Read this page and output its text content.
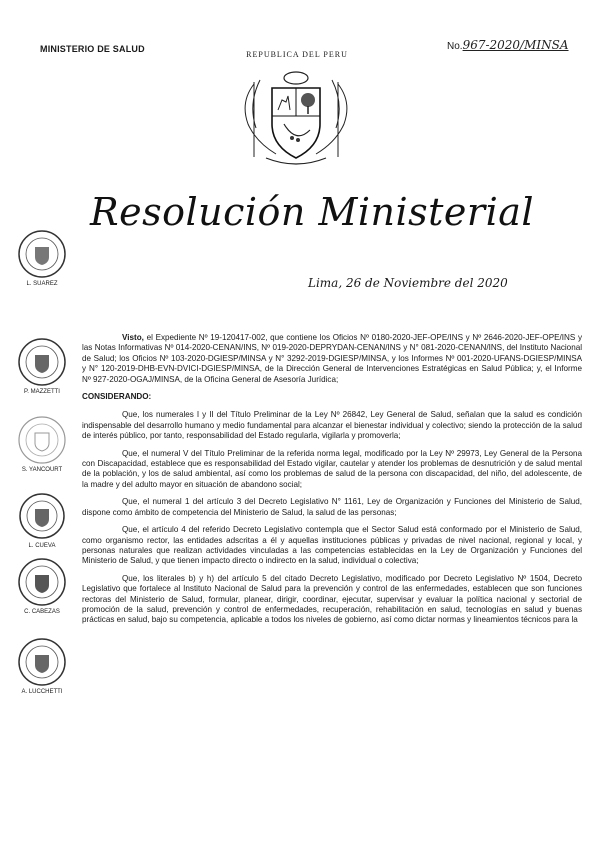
MINISTERIO DE SALUD	No.967-2020/MINSA
REPUBLICA DEL PERU
Resolución Ministerial
Lima, 26 de Noviembre del 2020
L. SUAREZ
P. MAZZETTI
S. YANCOURT
L. CUEVA
C. CABEZAS
A. LUCCHETTI

Visto, el Expediente Nº 19-120417-002, que contiene los Oficios Nº 0180-2020-JEF-OPE/INS y Nº 2646-2020-JEF-OPE/INS y las Notas Informativas Nº 014-2020-CENAN/INS, Nº 019-2020-DEPRYDAN-CENAN/INS y N° 081-2020-CENAN/INS, del Instituto Nacional de Salud; los Oficios Nº 103-2020-DGIESP/MINSA y N° 3292-2019-DGIESP/MINSA, y los Informes Nº 001-2020-UFANS-DGIESP/MINSA y N° 120-2019-DHB-EVN-DVICI-DGIESP/MINSA, de la Dirección General de Intervenciones Estratégicas en Salud Pública; y, el Informe Nº 927-2020-OGAJ/MINSA, de la Oficina General de Asesoría Jurídica;

CONSIDERANDO:

Que, los numerales I y II del Título Preliminar de la Ley Nº 26842, Ley General de Salud, señalan que la salud es condición indispensable del desarrollo humano y medio fundamental para alcanzar el bienestar individual y colectivo; siendo la protección de la salud de interés público, por tanto, responsabilidad del Estado regularla, vigilarla y promoverla;

Que, el numeral V del Título Preliminar de la referida norma legal, modificado por la Ley Nº 29973, Ley General de la Persona con Discapacidad, establece que es responsabilidad del Estado vigilar, cautelar y atender los problemas de desnutrición y de salud mental de la población, y los de salud ambiental, así como los problemas de salud de la persona con discapacidad, del niño, del adolescente, de la madre y del adulto mayor en situación de abandono social;

Que, el numeral 1 del artículo 3 del Decreto Legislativo N° 1161, Ley de Organización y Funciones del Ministerio de Salud, dispone como ámbito de competencia del Ministerio de Salud, la salud de las personas;

Que, el artículo 4 del referido Decreto Legislativo contempla que el Sector Salud está conformado por el Ministerio de Salud, como organismo rector, las entidades adscritas a él y aquellas instituciones públicas y privadas de nivel nacional, regional y local, y personas naturales que realizan actividades vinculadas a las competencias establecidas en la Ley de Organización y Funciones del Ministerio de Salud, y que tienen impacto directo o indirecto en la salud, individual o colectiva;

Que, los literales b) y h) del artículo 5 del citado Decreto Legislativo, modificado por Decreto Legislativo Nº 1504, Decreto Legislativo que fortalece al Instituto Nacional de Salud para la prevención y control de las enfermedades, establecen que son funciones rectoras del Ministerio de Salud, formular, planear, dirigir, coordinar, ejecutar, supervisar y evaluar la política nacional y sectorial de promoción de la salud, prevención y control de enfermedades, recuperación, rehabilitación en salud, tecnologías en salud y buenas prácticas en salud, bajo su competencia, aplicable a todos los niveles de gobierno, así como dictar normas y lineamientos técnicos para la
